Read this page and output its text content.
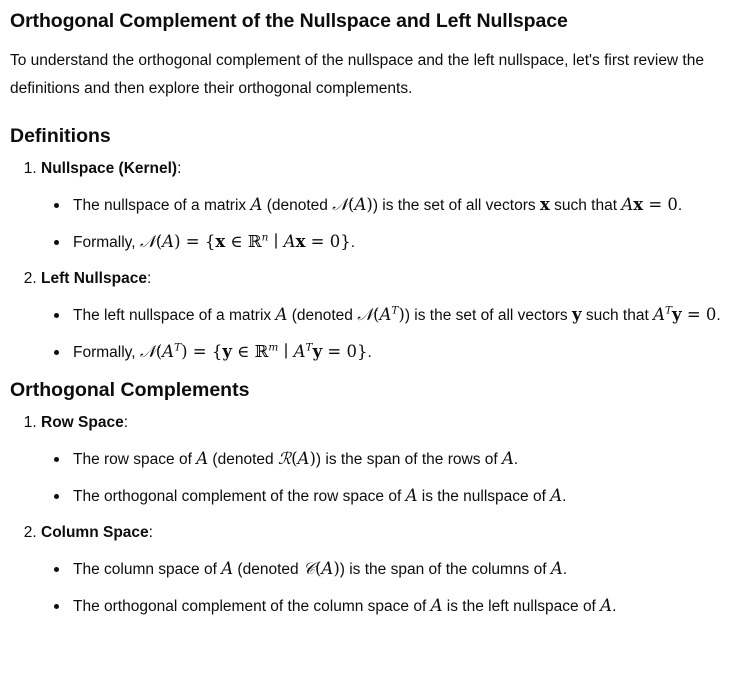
Orthogonal Complement of the Nullspace and Left Nullspace

To understand the orthogonal complement of the nullspace and the left nullspace, let's first review the definitions and then explore their orthogonal complements.

Definitions
1. Nullspace (Kernel):
The nullspace of a matrix A (denoted 𝒩(A)) is the set of all vectors x such that Ax = 0.
Formally, 𝒩(A) = {x ∈ ℝ$^n$ ∣ Ax = 0}.
2. Left Nullspace:
The left nullspace of a matrix A (denoted $𝒩(A^T)$) is the set of all vectors y such that $A^Ty = 0$.
Formally, $𝒩(A^T) = \{y$ ∈ ℝ$^m$ ∣ $A^Ty = 0$}.
Orthogonal Complements
1. Row Space:
The row space of A (denoted ℛ(A)) is the span of the rows of A.
The orthogonal complement of the row space of A is the nullspace of A.
2. Column Space:
The column space of A (denoted 𝒞(A)) is the span of the columns of A.
The orthogonal complement of the column space of A is the left nullspace of A.
